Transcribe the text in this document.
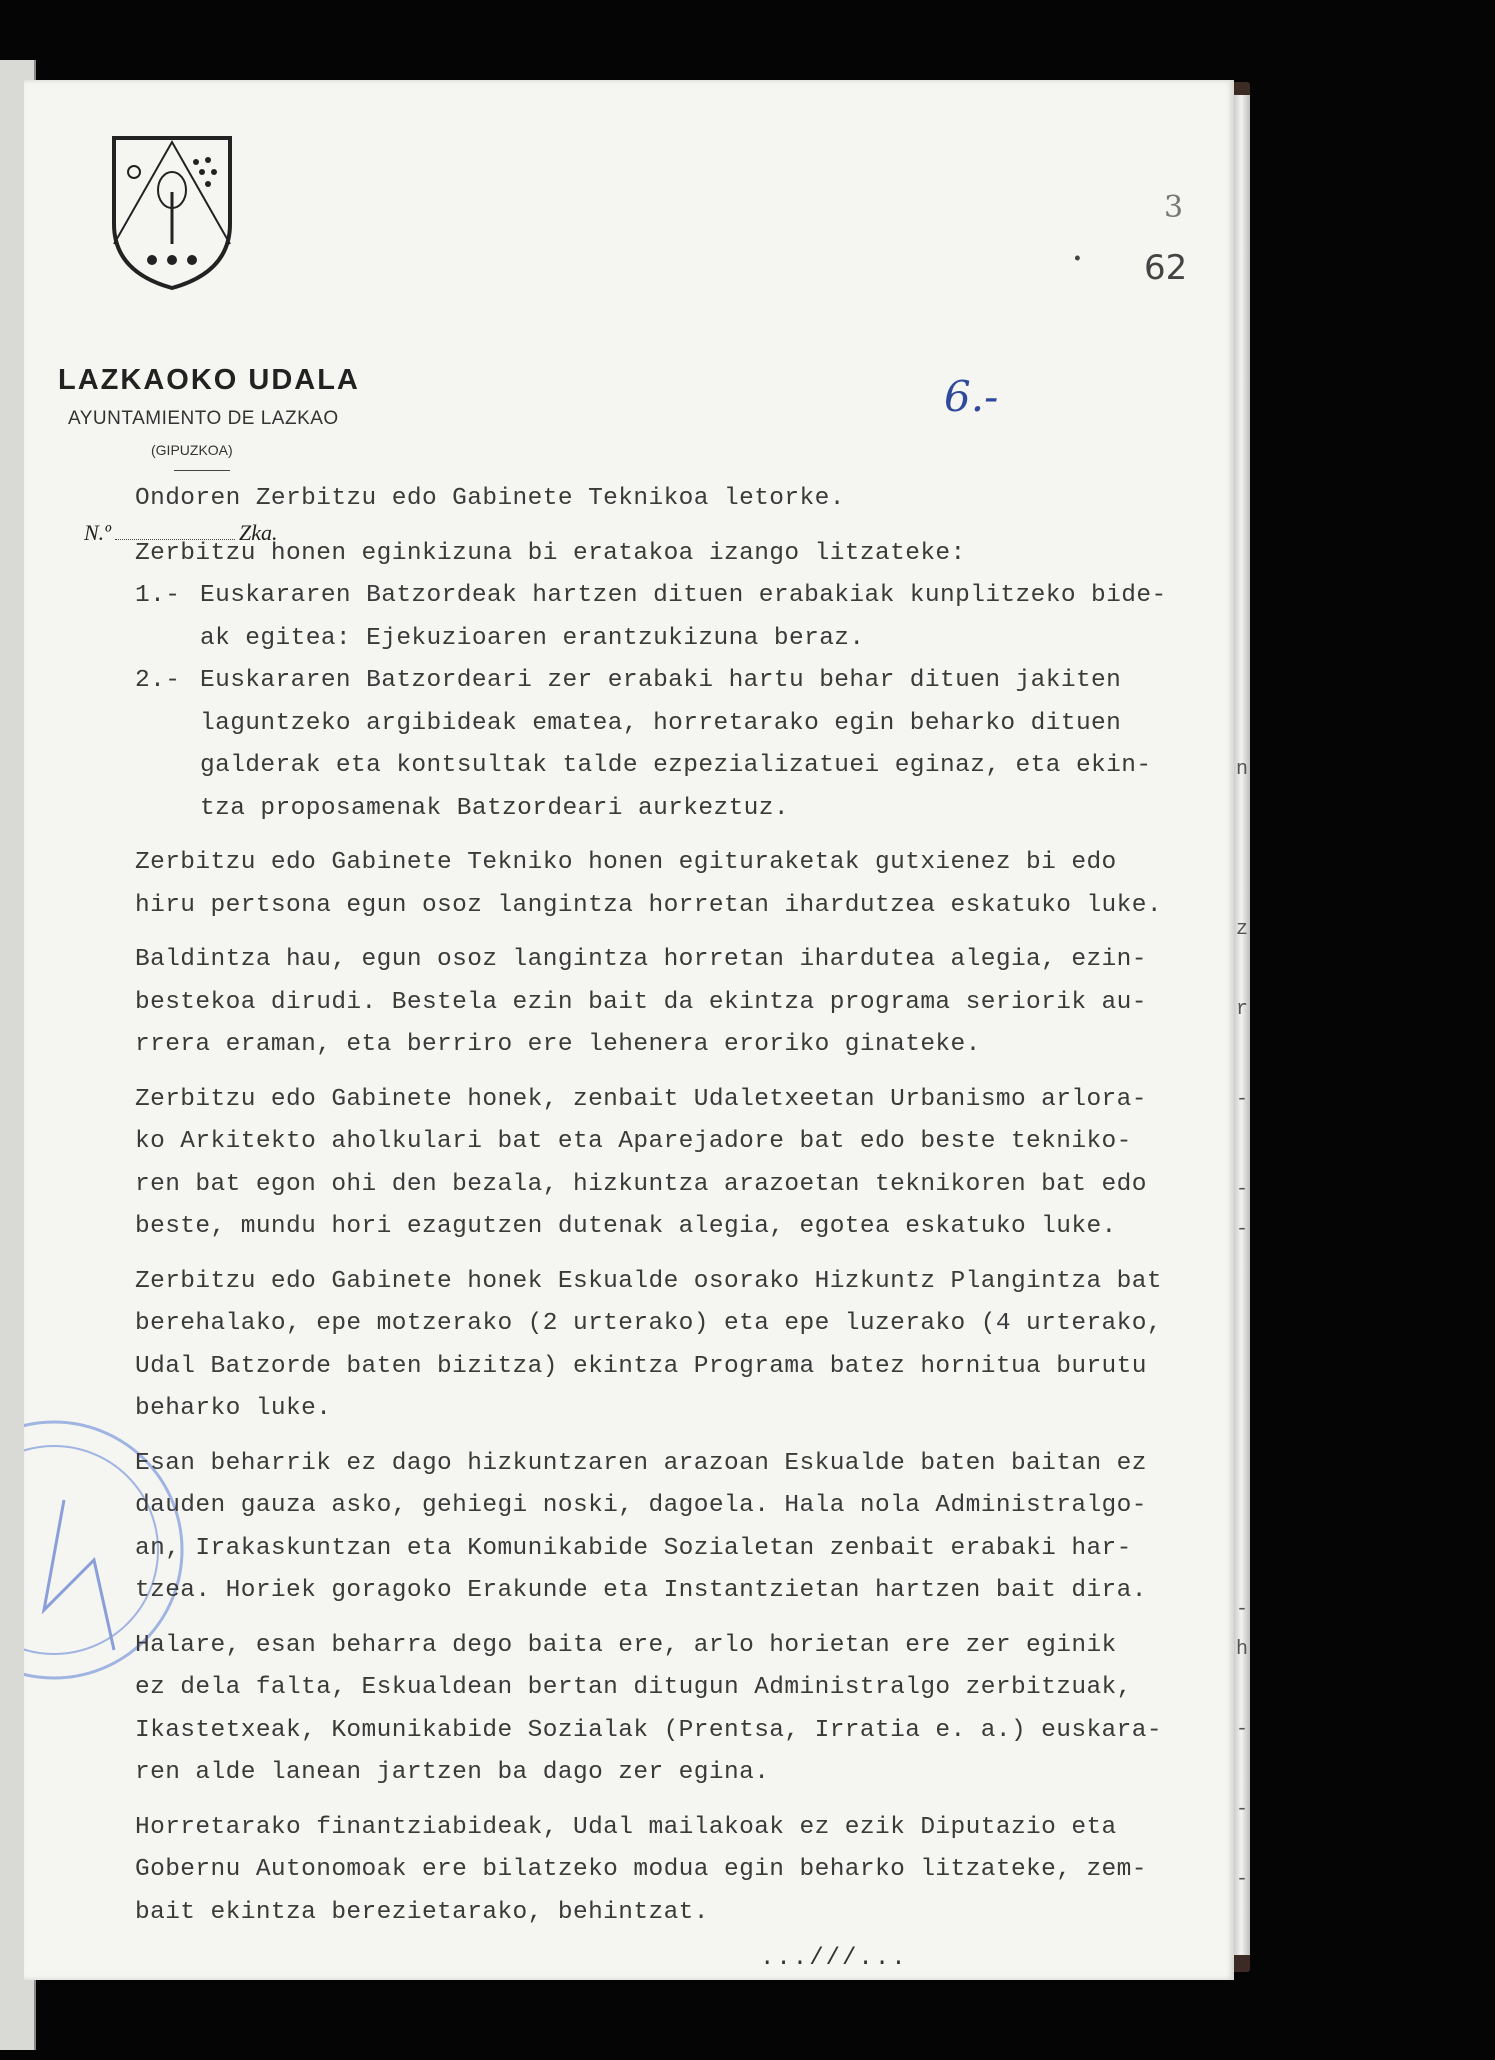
LAZKAOKO UDALA
AYUNTAMIENTO DE LAZKAO
(GIPUZKOA)
3
• 62
6.-
N.º	Zka.

Ondoren Zerbitzu edo Gabinete Teknikoa letorke.

Zerbitzu honen eginkizuna bi eratakoa izango litzateke:

1.- Euskararen Batzordeak hartzen dituen erabakiak kunplitzeko bide-
ak egitea: Ejekuzioaren erantzukizuna beraz.
2.- Euskararen Batzordeari zer erabaki hartu behar dituen jakiten
laguntzeko argibideak ematea, horretarako egin beharko dituen
galderak eta kontsultak talde ezpezializatuei eginaz, eta ekin-
tza proposamenak Batzordeari aurkeztuz.

Zerbitzu edo Gabinete Tekniko honen egituraketak gutxienez bi edo
hiru pertsona egun osoz langintza horretan ihardutzea eskatuko luke.

Baldintza hau, egun osoz langintza horretan ihardutea alegia, ezin-
bestekoa dirudi. Bestela ezin bait da ekintza programa seriorik au-
rrera eraman, eta berriro ere lehenera eroriko ginateke.

Zerbitzu edo Gabinete honek, zenbait Udaletxeetan Urbanismo arlora-
ko Arkitekto aholkulari bat eta Aparejadore bat edo beste tekniko-
ren bat egon ohi den bezala, hizkuntza arazoetan teknikoren bat edo
beste, mundu hori ezagutzen dutenak alegia, egotea eskatuko luke.

Zerbitzu edo Gabinete honek Eskualde osorako Hizkuntz Plangintza bat
berehalako, epe motzerako (2 urterako) eta epe luzerako (4 urterako,
Udal Batzorde baten bizitza) ekintza Programa batez hornitua burutu
beharko luke.

Esan beharrik ez dago hizkuntzaren arazoan Eskualde baten baitan ez
dauden gauza asko, gehiegi noski, dagoela. Hala nola Administralgo-
an, Irakaskuntzan eta Komunikabide Sozialetan zenbait erabaki har-
tzea. Horiek goragoko Erakunde eta Instantzietan hartzen bait dira.

Halare, esan beharra dego baita ere, arlo horietan ere zer eginik
ez dela falta, Eskualdean bertan ditugun Administralgo zerbitzuak,
Ikastetxeak, Komunikabide Sozialak (Prentsa, Irratia e. a.) euskara-
ren alde lanean jartzen ba dago zer egina.

Horretarako finantziabideak, Udal mailakoak ez ezik Diputazio eta
Gobernu Autonomoak ere bilatzeko modua egin beharko litzateke, zem-
bait ekintza berezietarako, behintzat.

...///...
n
z
r
-
-
-
-
h
-
-
-
